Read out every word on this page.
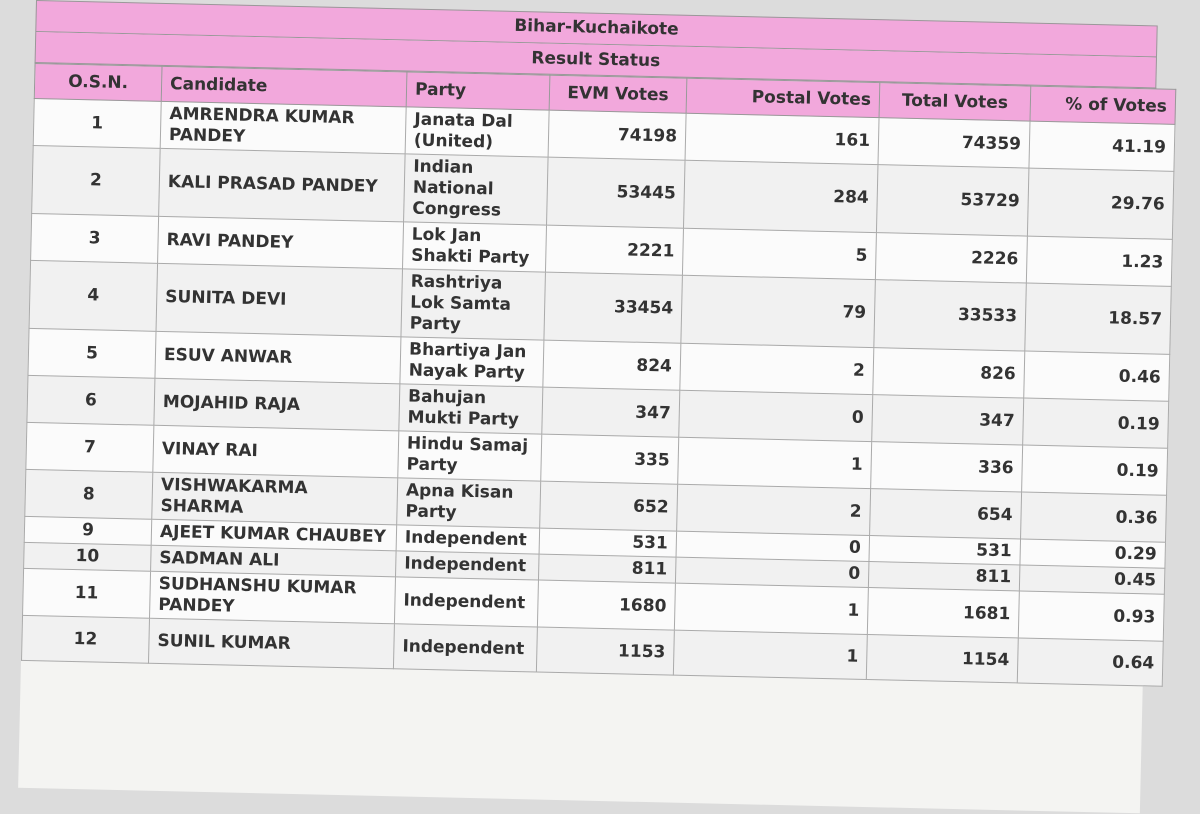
Bihar-Kuchaikote
Result Status
O.S.N.	Candidate	Party	EVM Votes	Postal Votes	Total Votes	% of Votes
1	AMRENDRA KUMAR PANDEY	Janata Dal (United)	74198	161	74359	41.19
2	KALI PRASAD PANDEY	Indian National Congress	53445	284	53729	29.76
3	RAVI PANDEY	Lok Jan Shakti Party	2221	5	2226	1.23
4	SUNITA DEVI	Rashtriya Lok Samta Party	33454	79	33533	18.57
5	ESUV ANWAR	Bhartiya Jan Nayak Party	824	2	826	0.46
6	MOJAHID RAJA	Bahujan Mukti Party	347	0	347	0.19
7	VINAY RAI	Hindu Samaj Party	335	1	336	0.19
8	VISHWAKARMA SHARMA	Apna Kisan Party	652	2	654	0.36
9	AJEET KUMAR CHAUBEY	Independent	531	0	531	0.29
10	SADMAN ALI	Independent	811	0	811	0.45
11	SUDHANSHU KUMAR PANDEY	Independent	1680	1	1681	0.93
12	SUNIL KUMAR	Independent	1153	1	1154	0.64
